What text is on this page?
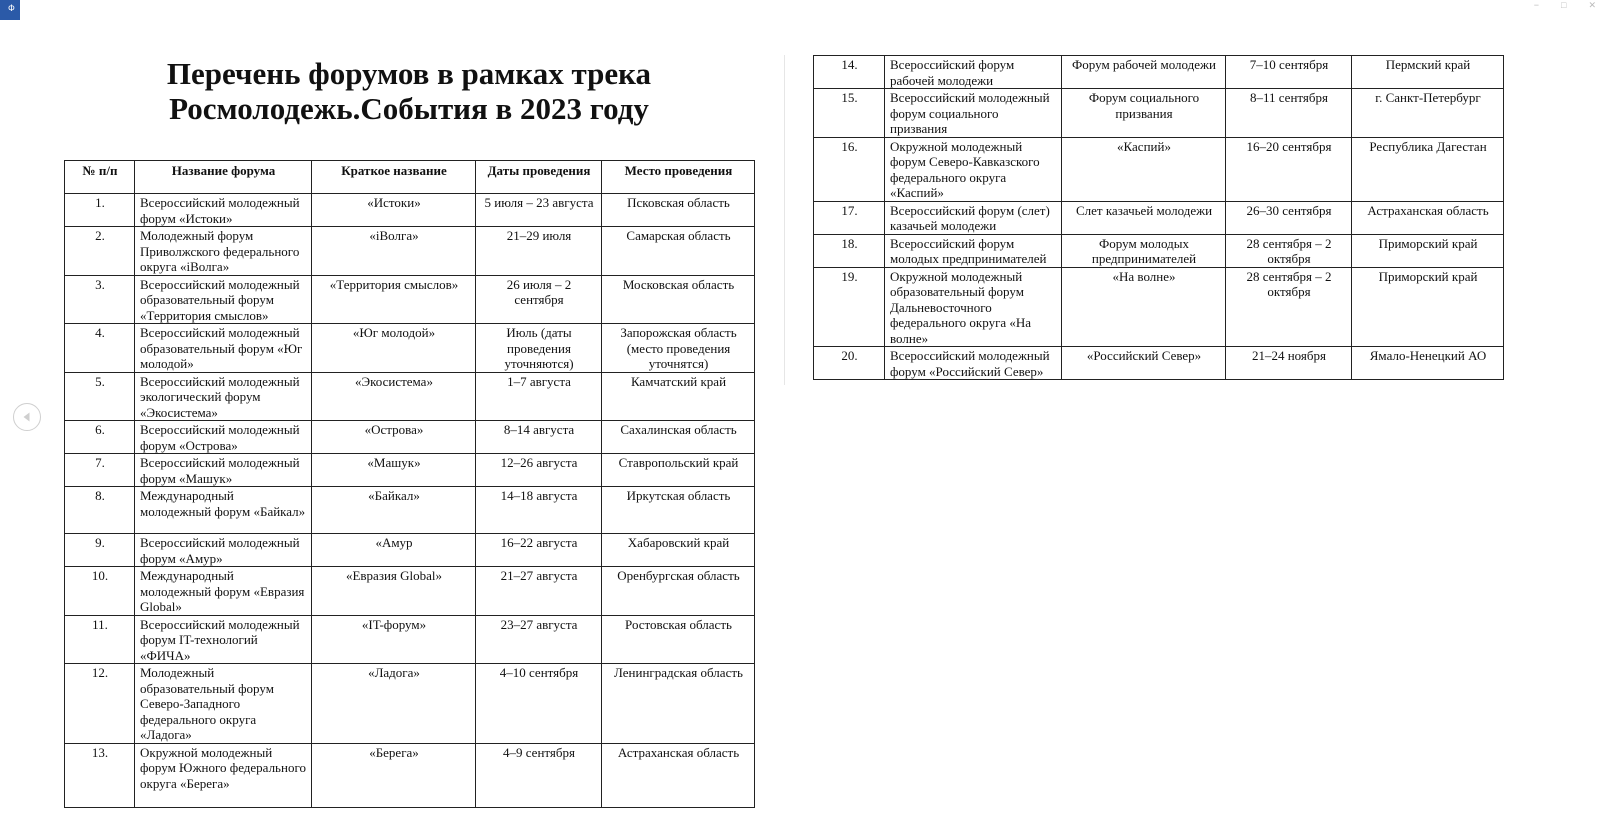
Ф	− □ ✕
Перечень форумов в рамках трека
Росмолодежь.События в 2023 году
№ п/п	Название форума	Краткое название	Даты проведения	Место проведения
1.	Всероссийский молодежный форум «Истоки»	«Истоки»	5 июля – 23 августа	Псковская область
2.	Молодежный форум Приволжского федерального округа «iВолга»	«iВолга»	21–29 июля	Самарская область
3.	Всероссийский молодежный образовательный форум «Территория смыслов»	«Территория смыслов»	26 июля – 2 сентября	Московская область
4.	Всероссийский молодежный образовательный форум «Юг молодой»	«Юг молодой»	Июль (даты проведения уточняются)	Запорожская область (место проведения уточнятся)
5.	Всероссийский молодежный экологический форум «Экосистема»	«Экосистема»	1–7 августа	Камчатский край
6.	Всероссийский молодежный форум «Острова»	«Острова»	8–14 августа	Сахалинская область
7.	Всероссийский молодежный форум «Машук»	«Машук»	12–26 августа	Ставропольский край
8.	Международный молодежный форум «Байкал»	«Байкал»	14–18 августа	Иркутская область
9.	Всероссийский молодежный форум «Амур»	«Амур	16–22 августа	Хабаровский край
10.	Международный молодежный форум «Евразия Global»	«Евразия Global»	21–27 августа	Оренбургская область
11.	Всероссийский молодежный форум IT-технологий «ФИЧА»	«IT-форум»	23–27 августа	Ростовская область
12.	Молодежный образовательный форум Северо-Западного федерального округа «Ладога»	«Ладога»	4–10 сентября	Ленинградская область
13.	Окружной молодежный форум Южного федерального округа «Берега»	«Берега»	4–9 сентября	Астраханская область
14.	Всероссийский форум рабочей молодежи	Форум рабочей молодежи	7–10 сентября	Пермский край
15.	Всероссийский молодежный форум социального призвания	Форум социального призвания	8–11 сентября	г. Санкт-Петербург
16.	Окружной молодежный форум Северо-Кавказского федерального округа «Каспий»	«Каспий»	16–20 сентября	Республика Дагестан
17.	Всероссийский форум (слет) казачьей молодежи	Слет казачьей молодежи	26–30 сентября	Астраханская область
18.	Всероссийский форум молодых предпринимателей	Форум молодых предпринимателей	28 сентября – 2 октября	Приморский край
19.	Окружной молодежный образовательный форум Дальневосточного федерального округа «На волне»	«На волне»	28 сентября – 2 октября	Приморский край
20.	Всероссийский молодежный форум «Российский Север»	«Российский Север»	21–24 ноября	Ямало-Ненецкий АО
